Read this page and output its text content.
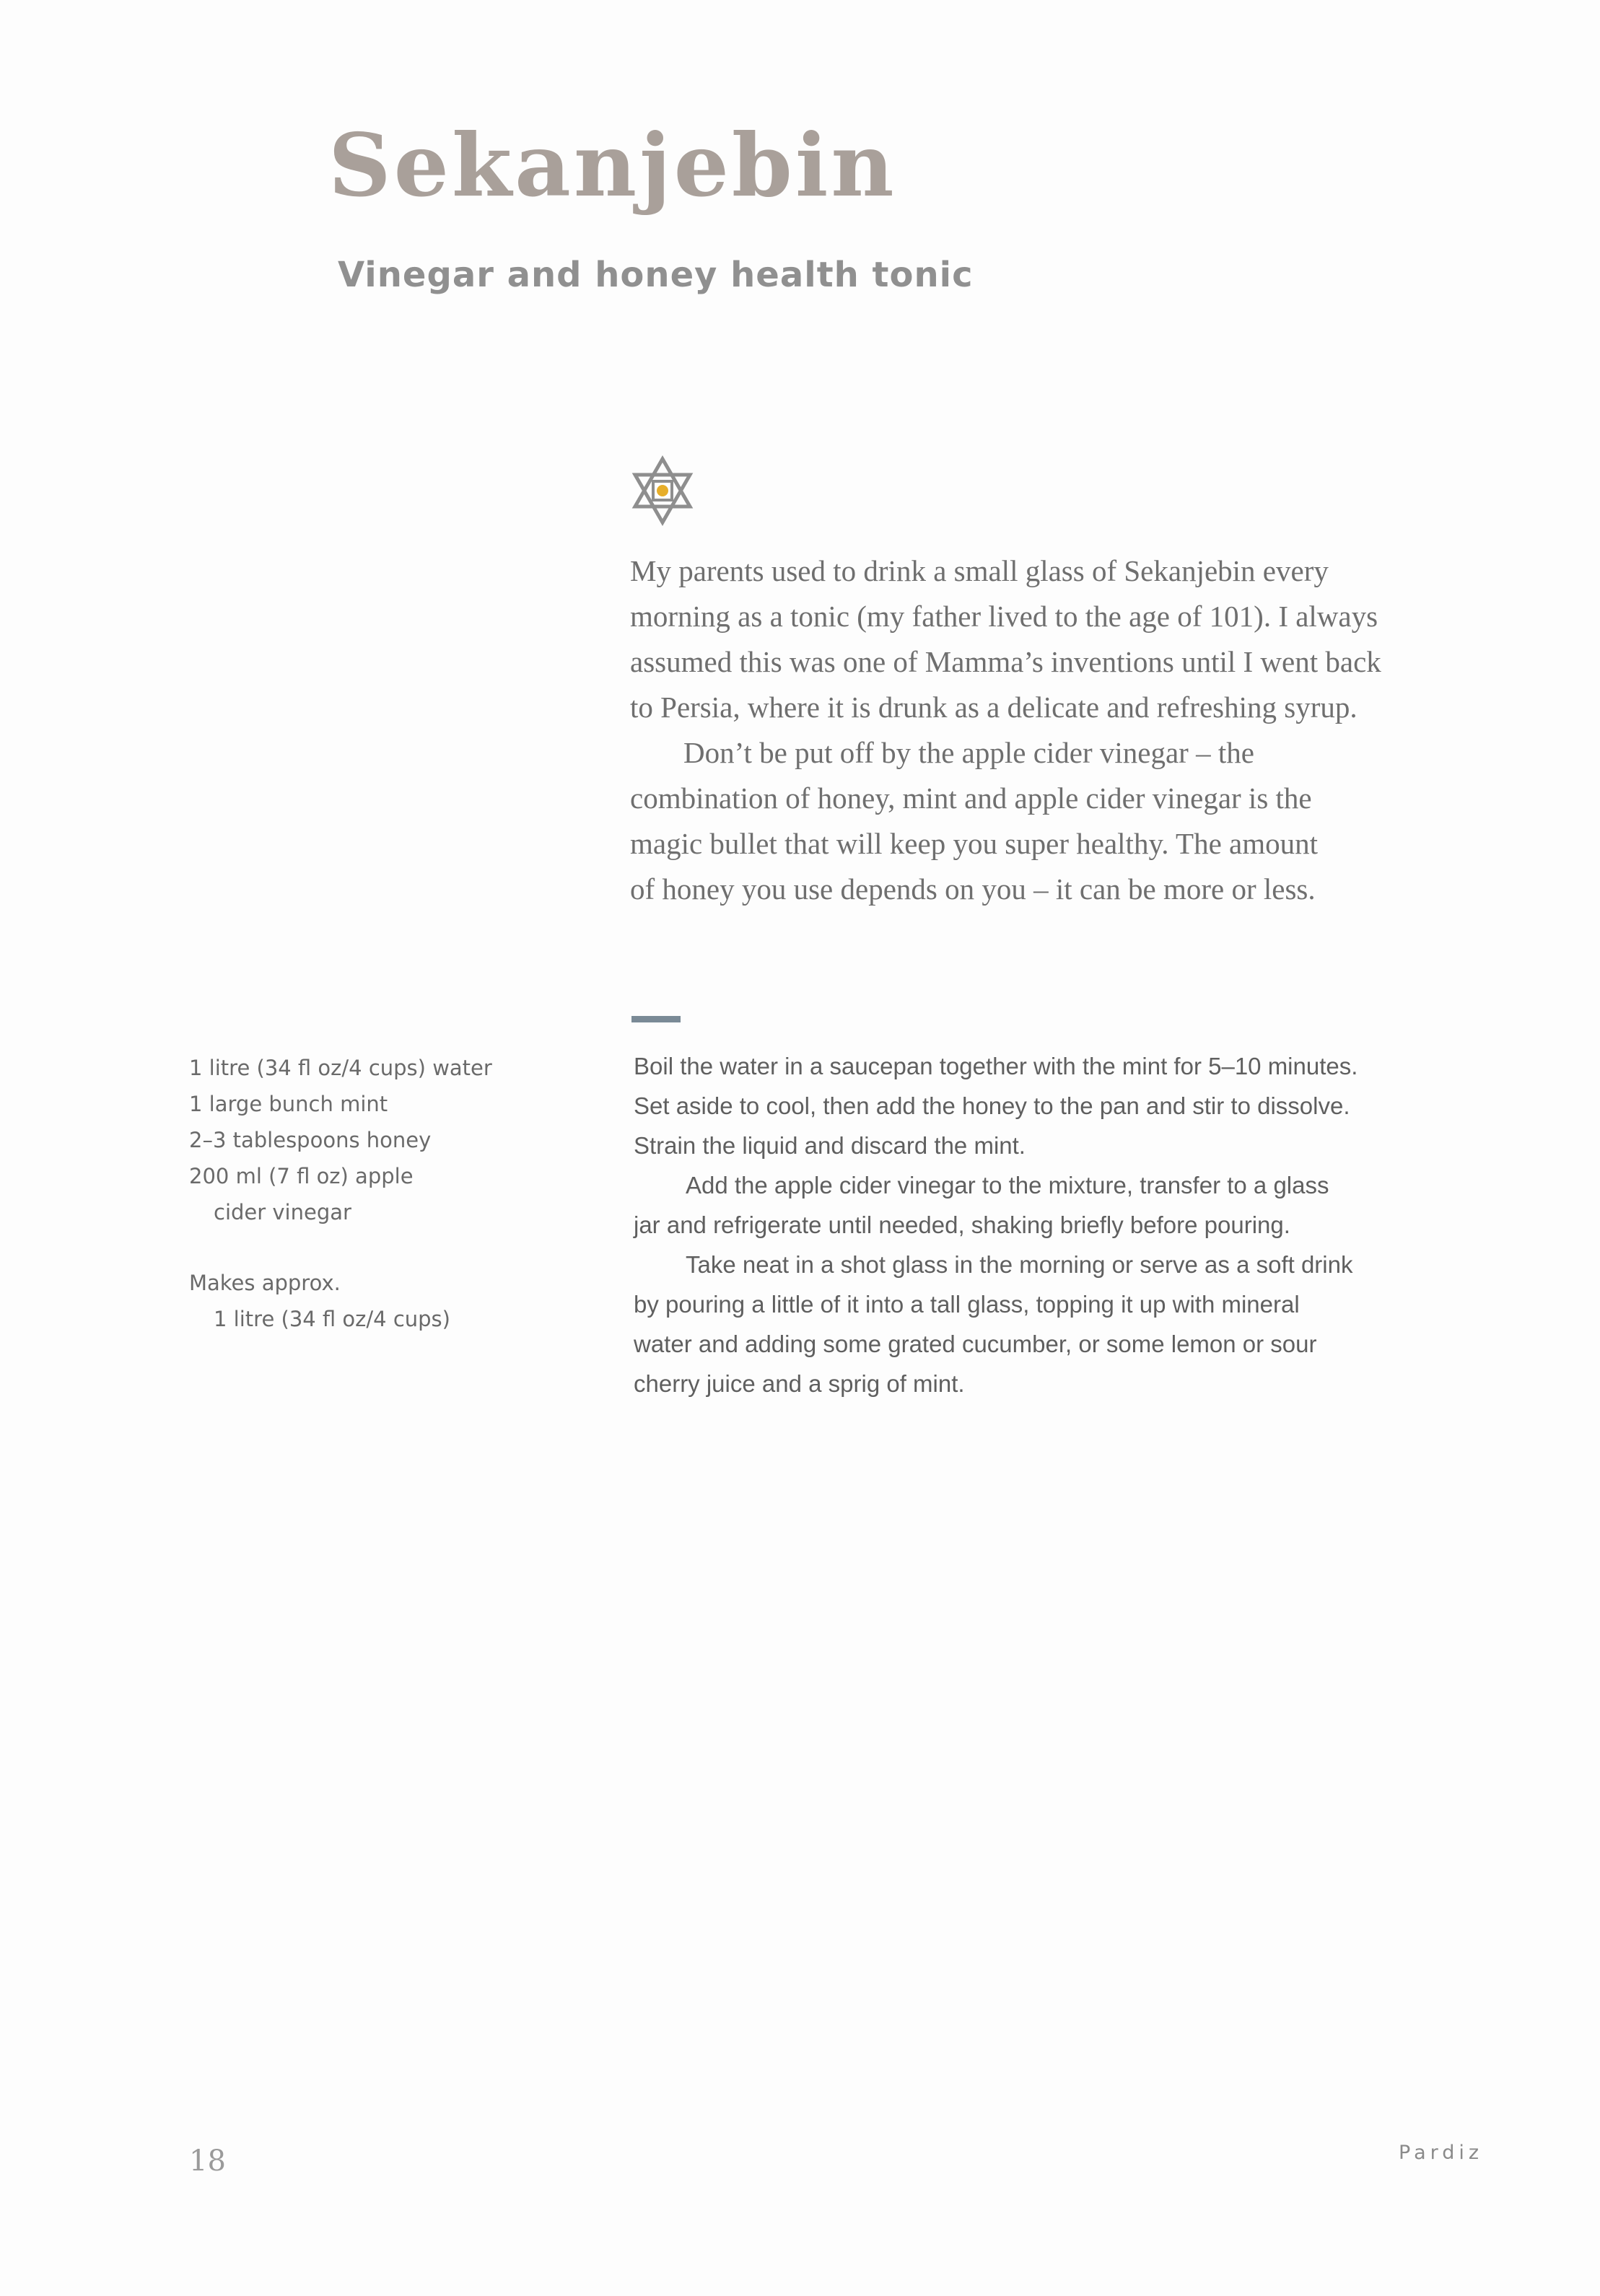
Sekanjebin
Vinegar and honey health tonic

My parents used to drink a small glass of Sekanjebin every

morning as a tonic (my father lived to the age of 101). I always

assumed this was one of Mamma’s inventions until I went back

to Persia, where it is drunk as a delicate and refreshing syrup.

Don’t be put off by the apple cider vinegar – the

combination of honey, mint and apple cider vinegar is the

magic bullet that will keep you super healthy. The amount

of honey you use depends on you – it can be more or less.

1 litre (34 fl oz/4 cups) water
1 large bunch mint
2–3 tablespoons honey
200 ml (7 fl oz) apple
cider vinegar
Makes approx.
1 litre (34 fl oz/4 cups)

Boil the water in a saucepan together with the mint for 5–10 minutes.

Set aside to cool, then add the honey to the pan and stir to dissolve.

Strain the liquid and discard the mint.

Add the apple cider vinegar to the mixture, transfer to a glass

jar and refrigerate until needed, shaking briefly before pouring.

Take neat in a shot glass in the morning or serve as a soft drink

by pouring a little of it into a tall glass, topping it up with mineral

water and adding some grated cucumber, or some lemon or sour

cherry juice and a sprig of mint.

18	Pardiz
